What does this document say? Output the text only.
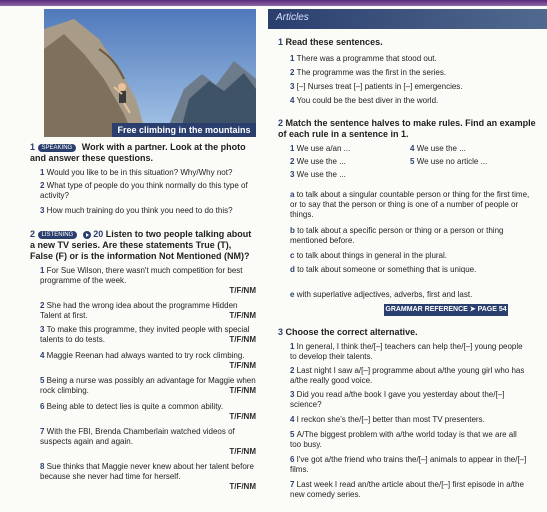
Free climbing in the mountains
Articles
1 SPEAKING Work with a partner. Look at the photo and answer these questions.
1 Would you like to be in this situation? Why/Why not?
2 What type of people do you think normally do this type of activity?
3 How much training do you think you need to do this?
2 LISTENING 20 Listen to two people talking about a new TV series. Are these statements True (T), False (F) or is the information Not Mentioned (NM)?
1 For Sue Wilson, there wasn't much competition for best programme of the week.
T/F/NM
2 She had the wrong idea about the programme Hidden Talent at first.	T/F/NM
3 To make this programme, they invited people with special talents to do tests.	T/F/NM
4 Maggie Reenan had always wanted to try rock climbing.
T/F/NM
5 Being a nurse was possibly an advantage for Maggie when rock climbing.	T/F/NM
6 Being able to detect lies is quite a common ability.
T/F/NM
7 With the FBI, Brenda Chamberlain watched videos of suspects again and again.
T/F/NM
8 Sue thinks that Maggie never knew about her talent before because she never had time for herself.
T/F/NM
1 Read these sentences.
1 There was a programme that stood out.
2 The programme was the first in the series.
3 [–] Nurses treat [–] patients in [–] emergencies.
4 You could be the best diver in the world.
2 Match the sentence halves to make rules. Find an example of each rule in a sentence in 1.
1 We use a/an ...
2 We use the ...
3 We use the ...
4 We use the ...
5 We use no article ...
a to talk about a singular countable person or thing for the first time, or to say that the person or thing is one of a number of people or things.
b to talk about a specific person or thing or a person or thing mentioned before.
c to talk about things in general in the plural.
d to talk about someone or something that is unique.
e with superlative adjectives, adverbs, first and last.
GRAMMAR REFERENCE ➤ PAGE 54
3 Choose the correct alternative.
1 In general, I think the/[–] teachers can help the/[–] young people to develop their talents.
2 Last night I saw a/[–] programme about a/the young girl who has a/the really good voice.
3 Did you read a/the book I gave you yesterday about the/[–] science?
4 I reckon she's the/[–] better than most TV presenters.
5 A/The biggest problem with a/the world today is that we are all too busy.
6 I've got a/the friend who trains the/[–] animals to appear in the/[–] films.
7 Last week I read an/the article about the/[–] first episode in a/the new comedy series.
